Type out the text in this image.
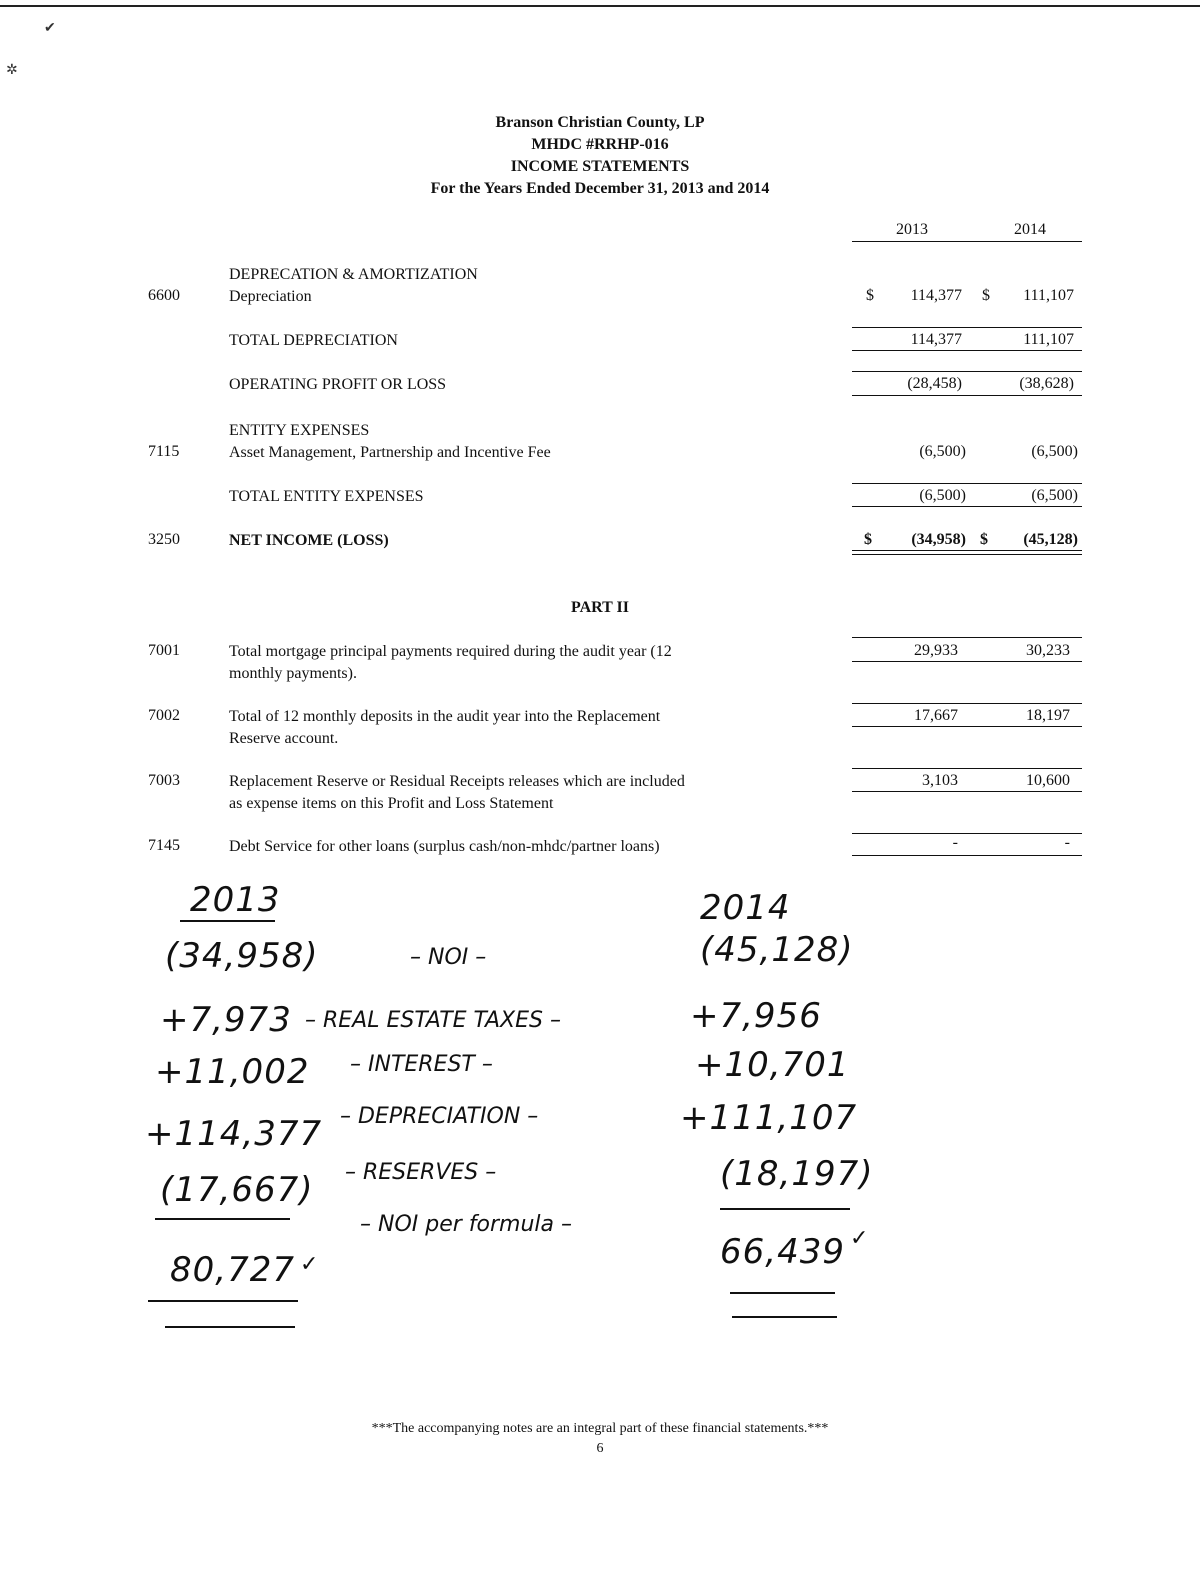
✔
✲
Branson Christian County, LP
MHDC #RRHP-016
INCOME STATEMENTS
For the Years Ended December 31, 2013 and 2014
2013	2014
DEPRECATION & AMORTIZATION
6600	Depreciation	$	114,377 $	111,107
TOTAL DEPRECIATION	114,377	111,107
OPERATING PROFIT OR LOSS	(28,458)	(38,628)
ENTITY EXPENSES
7115	Asset Management, Partnership and Incentive Fee	(6,500)	(6,500)
TOTAL ENTITY EXPENSES	(6,500)	(6,500)
3250	NET INCOME (LOSS)	$	(34,958) $	(45,128)
PART II
7001	Total mortgage principal payments required during the audit year (12
monthly payments).
29,933	30,233
7002	Total of 12 monthly deposits in the audit year into the Replacement
Reserve account.
17,667	18,197
7003	Replacement Reserve or Residual Receipts releases which are included
as expense items on this Profit and Loss Statement
3,103	10,600
7145	Debt Service for other loans (surplus cash/non-mhdc/partner loans)	-	-
2013	2014
(34,958)	– NOI –	(45,128)
+7,973 – REAL ESTATE TAXES –	+7,956
+11,002 – INTEREST –	+10,701
+114,377 – DEPRECIATION –	+111,107
(17,667) – RESERVES –	(18,197)
– NOI per formula –
80,727 ✓	66,439 ✓
***The accompanying notes are an integral part of these financial statements.***
6
